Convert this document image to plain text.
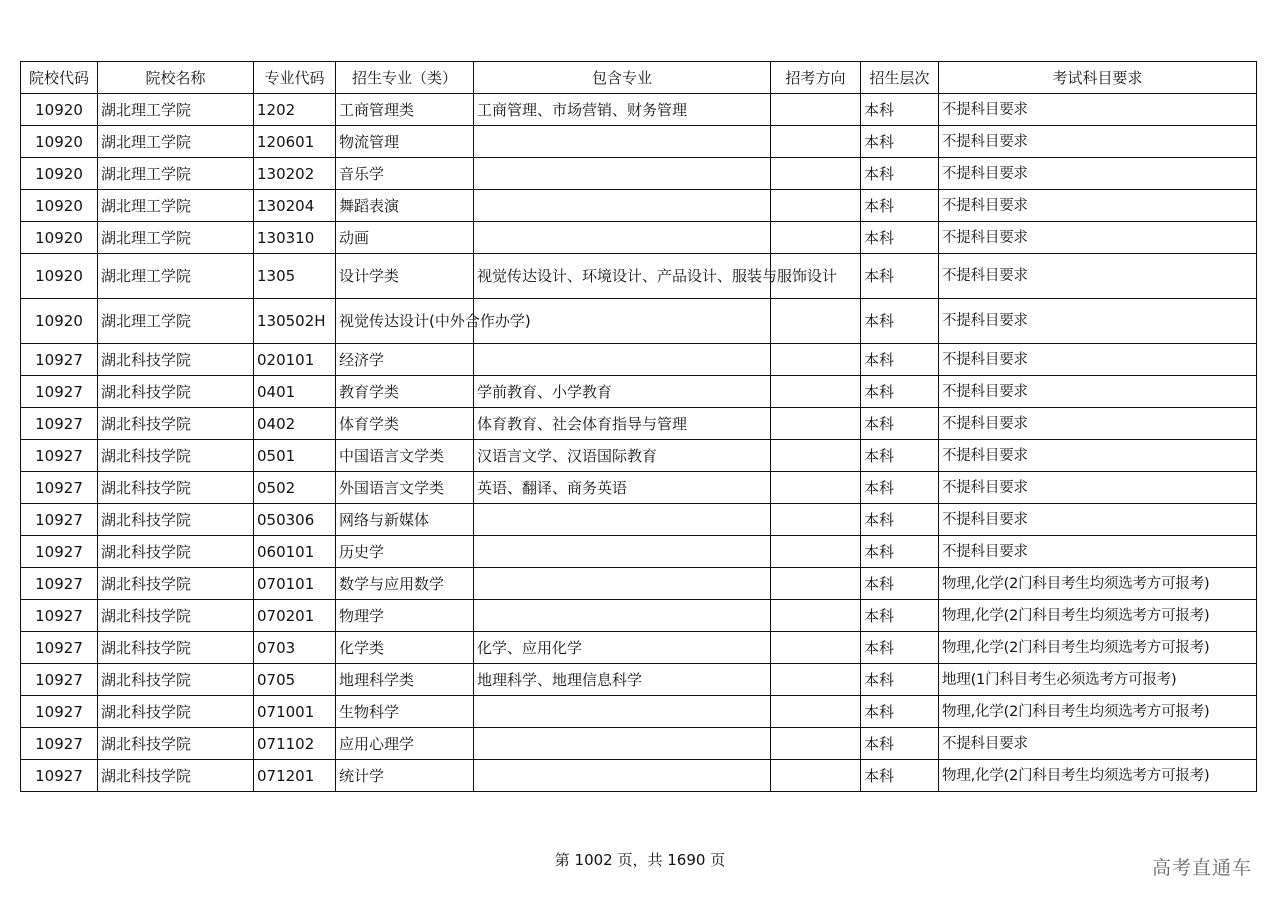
院校代码	院校名称	专业代码	招生专业（类）	包含专业	招考方向	招生层次	考试科目要求
10920	湖北理工学院	1202	工商管理类	工商管理、市场营销、财务管理		本科	不提科目要求
10920	湖北理工学院	120601	物流管理			本科	不提科目要求
10920	湖北理工学院	130202	音乐学			本科	不提科目要求
10920	湖北理工学院	130204	舞蹈表演			本科	不提科目要求
10920	湖北理工学院	130310	动画			本科	不提科目要求
10920	湖北理工学院	1305	设计学类	视觉传达设计、环境设计、产品设计、服装与服饰设计		本科	不提科目要求
10920	湖北理工学院	130502H	视觉传达设计(中外合作办学)			本科	不提科目要求
10927	湖北科技学院	020101	经济学			本科	不提科目要求
10927	湖北科技学院	0401	教育学类	学前教育、小学教育		本科	不提科目要求
10927	湖北科技学院	0402	体育学类	体育教育、社会体育指导与管理		本科	不提科目要求
10927	湖北科技学院	0501	中国语言文学类	汉语言文学、汉语国际教育		本科	不提科目要求
10927	湖北科技学院	0502	外国语言文学类	英语、翻译、商务英语		本科	不提科目要求
10927	湖北科技学院	050306	网络与新媒体			本科	不提科目要求
10927	湖北科技学院	060101	历史学			本科	不提科目要求
10927	湖北科技学院	070101	数学与应用数学			本科	物理,化学(2门科目考生均须选考方可报考)
10927	湖北科技学院	070201	物理学			本科	物理,化学(2门科目考生均须选考方可报考)
10927	湖北科技学院	0703	化学类	化学、应用化学		本科	物理,化学(2门科目考生均须选考方可报考)
10927	湖北科技学院	0705	地理科学类	地理科学、地理信息科学		本科	地理(1门科目考生必须选考方可报考)
10927	湖北科技学院	071001	生物科学			本科	物理,化学(2门科目考生均须选考方可报考)
10927	湖北科技学院	071102	应用心理学			本科	不提科目要求
10927	湖北科技学院	071201	统计学			本科	物理,化学(2门科目考生均须选考方可报考)
第 1002 页，共 1690 页	高考直通车
